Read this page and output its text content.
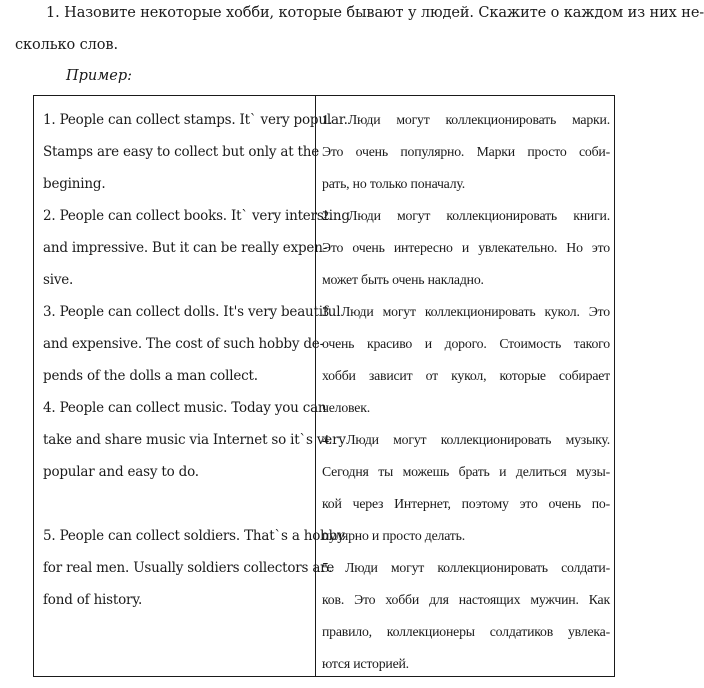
1. Назовите некоторые хобби, которые бывают у людей. Скажите о каждом из них не-
сколько слов.
Пример:
1. People can collect stamps. It` very popular.
Stamps are easy to collect but only at the
begining.
2. People can collect books. It` very intersting
and impressive. But it can be really expen-
sive.
3. People can collect dolls. It's very beautiful
and expensive. The cost of such hobby de-
pends of the dolls a man collect.
4. People can collect music. Today you can
take and share music via Internet so it`s very
popular and easy to do.
5. People can collect soldiers. That`s a hobby
for real men. Usually soldiers collectors are
fond of history.
1. Люди могут коллекционировать марки.
Это очень популярно. Марки просто соби-
рать, но только поначалу.
2. Люди могут коллекционировать книги.
Это очень интересно и увлекательно. Но это
может быть очень накладно.
3. Люди могут коллекционировать кукол. Это
очень красиво и дорого. Стоимость такого
хобби зависит от кукол, которые собирает
человек.
4. Люди могут коллекционировать музыку.
Сегодня ты можешь брать и делиться музы-
кой через Интернет, поэтому это очень по-
пулярно и просто делать.
5. Люди могут коллекционировать солдати-
ков. Это хобби для настоящих мужчин. Как
правило, коллекционеры солдатиков увлека-
ются историей.
